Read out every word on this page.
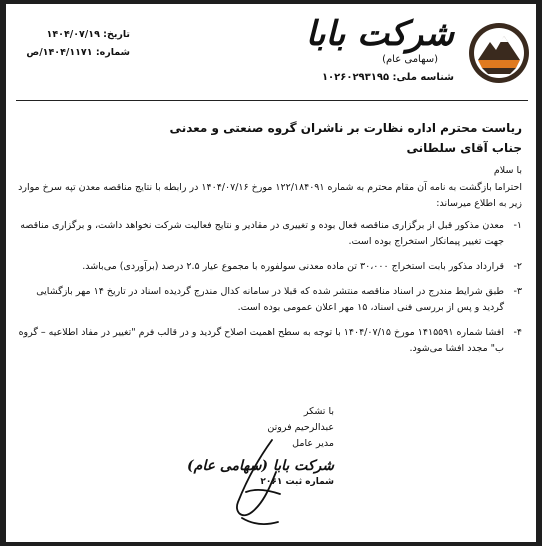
شرکت بابا
(سهامی عام)
شناسه ملی: ۱۰۲۶۰۲۹۳۱۹۵
تاریخ: ۱۴۰۴/۰۷/۱۹
شماره: ۱۴۰۴/۱۱۷۱/ص
ریاست محترم اداره نظارت بر ناشران گروه صنعتی و معدنی
جناب آقای سلطانی
با سلام
احتراما بازگشت به نامه آن مقام محترم به شماره ۱۲۲/۱۸۴۰۹۱ مورخ ۱۴۰۴/۰۷/۱۶ در رابطه با نتایج مناقصه معدن تپه سرخ موارد زیر به اطلاع میرساند:
۱-
معدن مذکور قبل از برگزاری مناقصه فعال بوده و تغییری در مقادیر و نتایج فعالیت شرکت نخواهد داشت، و برگزاری مناقصه جهت تغییر پیمانکار استخراج بوده است.
۲-
قرارداد مذکور بابت استخراج ۳۰،۰۰۰ تن ماده معدنی سولفوره با مجموع عیار ۲.۵ درصد (برآوردی) می‌باشد.
۳-
طبق شرایط مندرج در اسناد مناقصه منتشر شده که قبلا در سامانه کدال مندرج گردیده اسناد در تاریخ ۱۴ مهر بازگشایی گردید و پس از بررسی فنی اسناد، ۱۵ مهر اعلان عمومی بوده است.
۴-
افشا شماره ۱۴۱۵۵۹۱ مورخ ۱۴۰۴/۰۷/۱۵ با توجه به سطح اهمیت اصلاح گردید و در قالب فرم "تغییر در مفاد اطلاعیه – گروه ب" مجدد افشا می‌شود.
با تشکر
عبدالرحیم فروتن
مدیر عامل
شرکت بابا (سهامی عام)
شماره ثبت ۲۰۶۱
